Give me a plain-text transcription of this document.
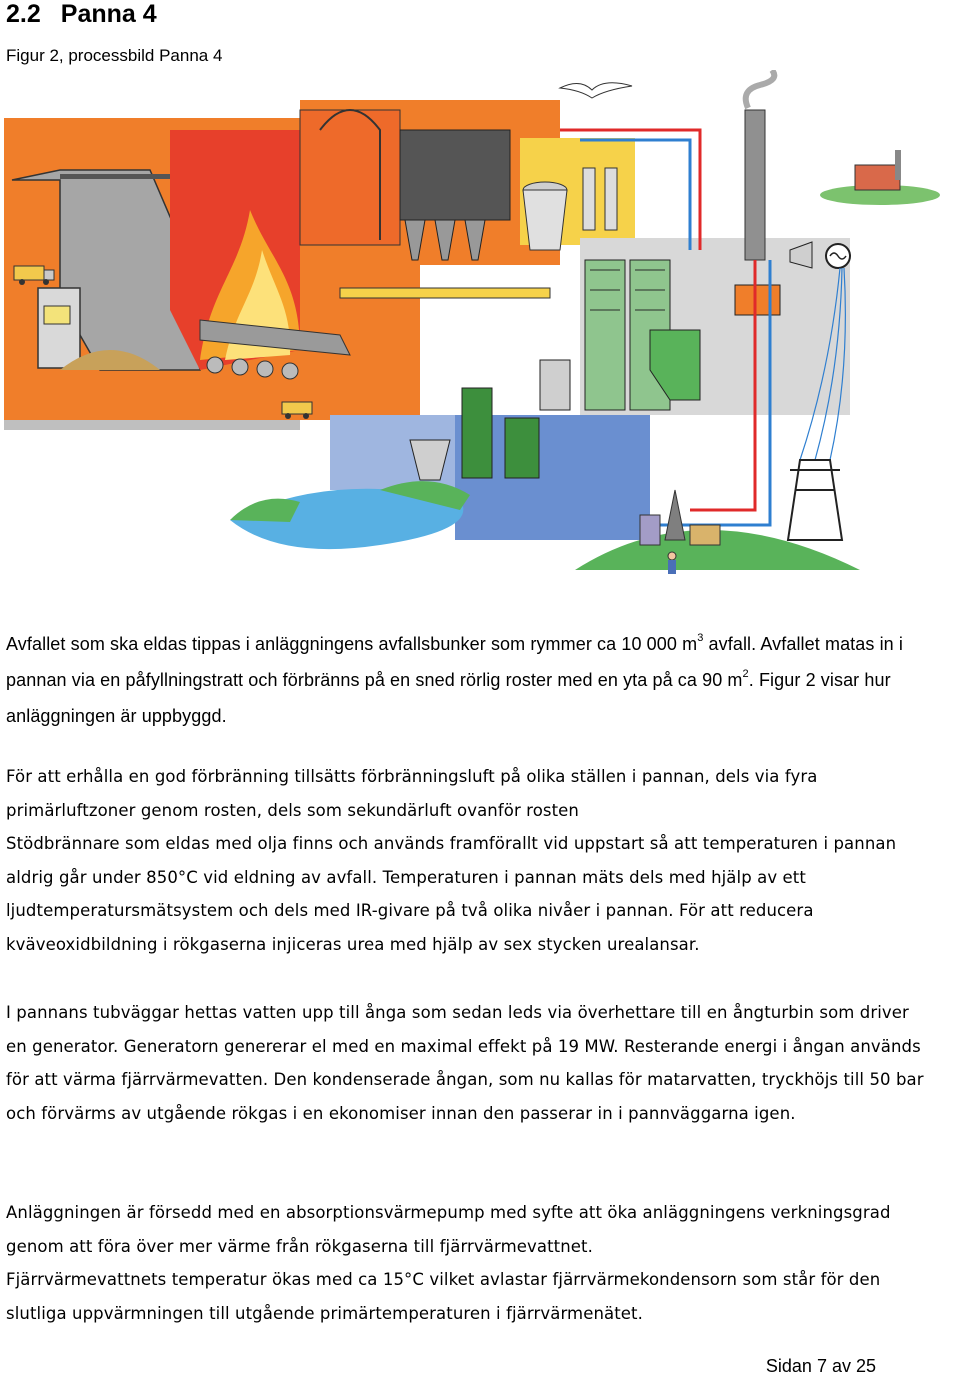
2.2 Panna 4
Figur 2, processbild Panna 4

Avfallet som ska eldas tippas i anläggningens avfallsbunker som rymmer ca 10 000 $m^3$ avfall. Avfallet matas in i pannan via en påfyllningstratt och förbränns på en sned rörlig roster med en yta på ca 90 $m^2$. Figur 2 visar hur anläggningen är uppbyggd.

För att erhålla en god förbränning tillsätts förbränningsluft på olika ställen i pannan, dels via fyra primärluftzoner genom rosten, dels som sekundärluft ovanför rosten

Stödbrännare som eldas med olja finns och används framförallt vid uppstart så att temperaturen i pannan aldrig går under 850°C vid eldning av avfall. Temperaturen i pannan mäts dels med hjälp av ett ljudtemperatursmätsystem och dels med IR-givare på två olika nivåer i pannan. För att reducera kväveoxidbildning i rökgaserna injiceras urea med hjälp av sex stycken urealansar.

I pannans tubväggar hettas vatten upp till ånga som sedan leds via överhettare till en ångturbin som driver en generator. Generatorn genererar el med en maximal effekt på 19 MW. Resterande energi i ångan används för att värma fjärrvärmevatten. Den kondenserade ångan, som nu kallas för matarvatten, tryckhöjs till 50 bar och förvärms av utgående rökgas i en ekonomiser innan den passerar in i pannväggarna igen.

Anläggningen är försedd med en absorptionsvärmepump med syfte att öka anläggningens verkningsgrad genom att föra över mer värme från rökgaserna till fjärrvärmevattnet.

Fjärrvärmevattnets temperatur ökas med ca 15°C vilket avlastar fjärrvärmekondensorn som står för den slutliga uppvärmningen till utgående primärtemperaturen i fjärrvärmenätet.

Sidan 7 av 25
